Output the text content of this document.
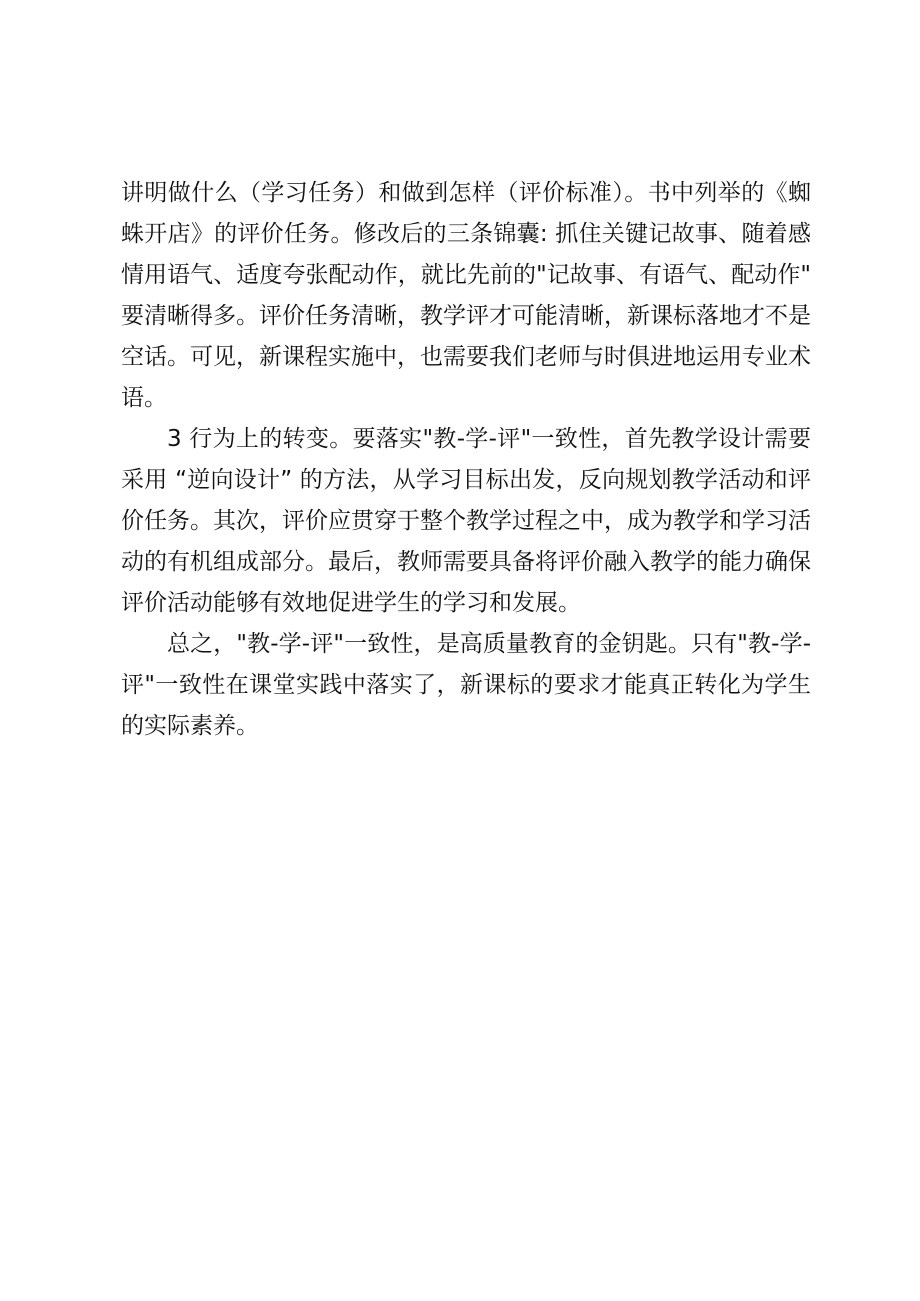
讲明做什么（学习任务）和做到怎样（评价标准）。书中列举的《蜘
蛛开店》的评价任务。修改后的三条锦囊: 抓住关键记故事、随着感
情用语气、适度夸张配动作，就比先前的"记故事、有语气、配动作"
要清晰得多。评价任务清晰，教学评才可能清晰，新课标落地才不是
空话。可见，新课程实施中，也需要我们老师与时俱进地运用专业术
语。
3 行为上的转变。要落实"教-学-评"一致性，首先教学设计需要
采用 “逆向设计” 的方法，从学习目标出发，反向规划教学活动和评
价任务。其次，评价应贯穿于整个教学过程之中，成为教学和学习活
动的有机组成部分。最后，教师需要具备将评价融入教学的能力确保
评价活动能够有效地促进学生的学习和发展。
总之，"教-学-评"一致性，是高质量教育的金钥匙。只有"教-学-
评"一致性在课堂实践中落实了，新课标的要求才能真正转化为学生
的实际素养。
